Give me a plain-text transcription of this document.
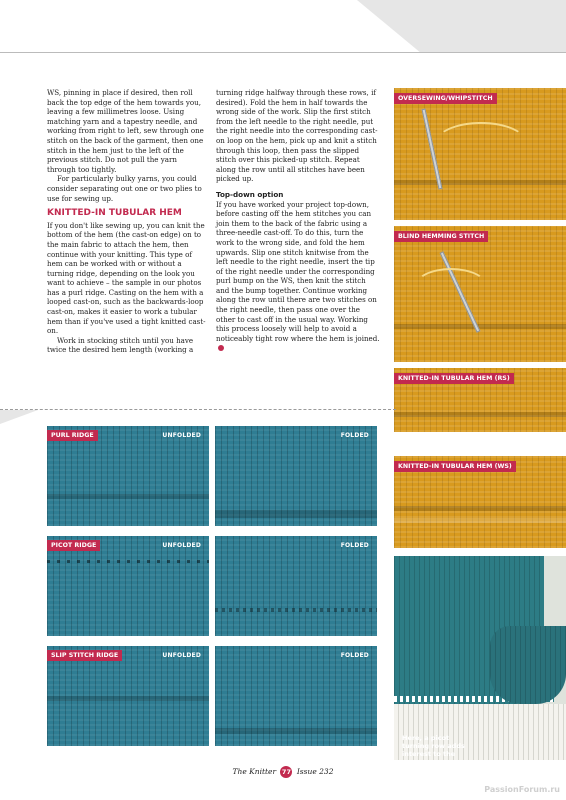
WS, pinning in place if desired, then roll back the top edge of the hem towards you, leaving a few millimetres loose. Using matching yarn and a tapestry needle, and working from right to left, sew through one stitch on the back of the garment, then one stitch in the hem just to the left of the previous stitch. Do not pull the yarn through too tightly.

For particularly bulky yarns, you could consider separating out one or two plies to use for sewing up.

KNITTED-IN TUBULAR HEM

If you don't like sewing up, you can knit the bottom of the hem (the cast-on edge) on to the main fabric to attach the hem, then continue with your knitting. This type of hem can be worked with or without a turning ridge, depending on the look you want to achieve – the sample in our photos has a purl ridge. Casting on the hem with a looped cast-on, such as the backwards-loop cast-on, makes it easier to work a tubular hem than if you've used a tight knitted cast-on.

Work in stocking stitch until you have twice the desired hem length (working a

turning ridge halfway through these rows, if desired). Fold the hem in half towards the wrong side of the work. Slip the first stitch from the left needle to the right needle, put the right needle into the corresponding cast-on loop on the hem, pick up and knit a stitch through this loop, then pass the slipped stitch over this picked-up stitch. Repeat along the row until all stitches have been picked up.

Top-down option

If you have worked your project top-down, before casting off the hem stitches you can join them to the back of the fabric using a three-needle cast-off. To do this, turn the work to the wrong side, and fold the hem upwards. Slip one stitch knitwise from the left needle to the right needle, insert the tip of the right needle under the corresponding purl bump on the WS, then knit the stitch and the bump together. Continue working along the row until there are two stitches on the right needle, then pass one over the other to cast off in the usual way. Working this process loosely will help to avoid a noticeably tight row where the hem is joined.

OVERSEWING/WHIPSTITCH
BLIND HEMMING STITCH
KNITTED-IN TUBULAR HEM (RS)
KNITTED-IN TUBULAR HEM (WS)
Here, a picot turning row adds interest to the folded hem
PURL RIDGE	UNFOLDED	FOLDED
PICOT RIDGE	UNFOLDED	FOLDED
SLIP STITCH RIDGE	UNFOLDED	FOLDED
The Knitter 77 Issue 232
PassionForum.ru
